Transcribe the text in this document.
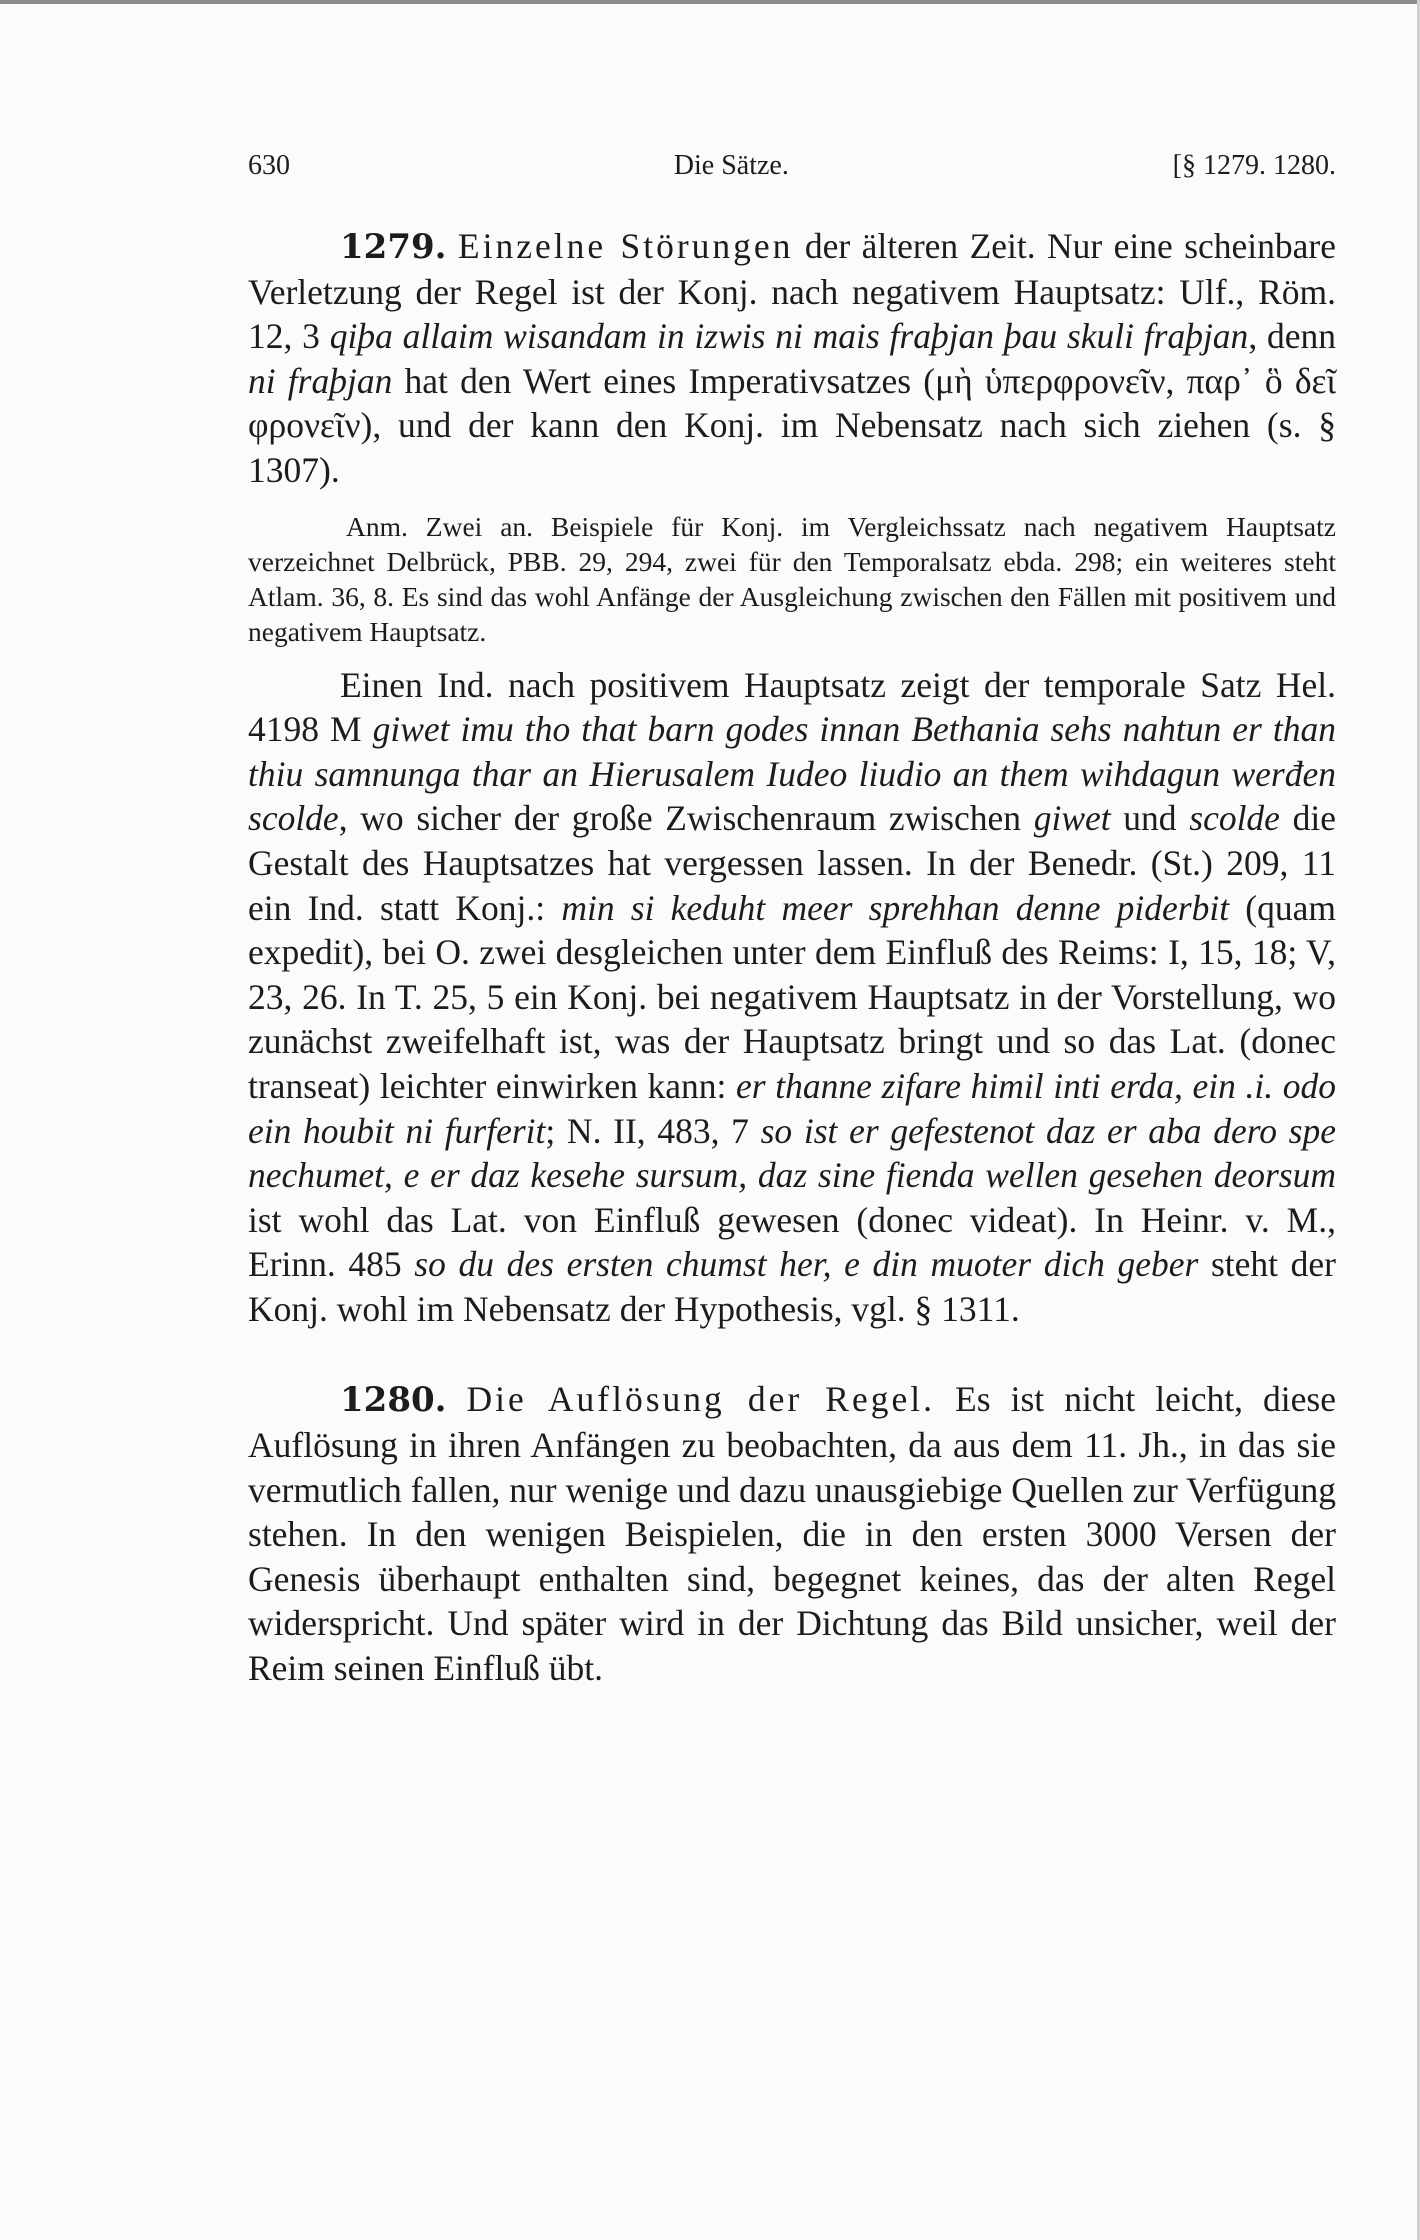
630	Die Sätze.	[§ 1279. 1280.

1279. Einzelne Störungen der älteren Zeit. Nur eine scheinbare Verletzung der Regel ist der Konj. nach negativem Hauptsatz: Ulf., Röm. 12, 3 qiþa allaim wisandam in izwis ni mais fraþjan þau skuli fraþjan, denn ni fraþjan hat den Wert eines Imperativsatzes (μὴ ὑπερφρονεῖν, παρ᾽ ὃ δεῖ φρονεῖν), und der kann den Konj. im Nebensatz nach sich ziehen (s. § 1307).

Anm. Zwei an. Beispiele für Konj. im Vergleichssatz nach negativem Hauptsatz verzeichnet Delbrück, PBB. 29, 294, zwei für den Temporalsatz ebda. 298; ein weiteres steht Atlam. 36, 8. Es sind das wohl Anfänge der Ausgleichung zwischen den Fällen mit positivem und negativem Hauptsatz.

Einen Ind. nach positivem Hauptsatz zeigt der temporale Satz Hel. 4198 M giwet imu tho that barn godes innan Bethania sehs nahtun er than thiu samnunga thar an Hierusalem Iudeo liudio an them wihdagun werđen scolde, wo sicher der große Zwischenraum zwischen giwet und scolde die Gestalt des Hauptsatzes hat vergessen lassen. In der Benedr. (St.) 209, 11 ein Ind. statt Konj.: min si keduht meer sprehhan denne piderbit (quam expedit), bei O. zwei desgleichen unter dem Einfluß des Reims: I, 15, 18; V, 23, 26. In T. 25, 5 ein Konj. bei negativem Hauptsatz in der Vorstellung, wo zunächst zweifelhaft ist, was der Hauptsatz bringt und so das Lat. (donec transeat) leichter einwirken kann: er thanne zifare himil inti erda, ein .i. odo ein houbit ni furferit; N. II, 483, 7 so ist er gefestenot daz er aba dero spe nechumet, e er daz kesehe sursum, daz sine fienda wellen gesehen deorsum ist wohl das Lat. von Einfluß gewesen (donec videat). In Heinr. v. M., Erinn. 485 so du des ersten chumst her, e din muoter dich geber steht der Konj. wohl im Nebensatz der Hypothesis, vgl. § 1311.

1280. Die Auflösung der Regel. Es ist nicht leicht, diese Auflösung in ihren Anfängen zu beobachten, da aus dem 11. Jh., in das sie vermutlich fallen, nur wenige und dazu unausgiebige Quellen zur Verfügung stehen. In den wenigen Beispielen, die in den ersten 3000 Versen der Genesis überhaupt enthalten sind, begegnet keines, das der alten Regel widerspricht. Und später wird in der Dichtung das Bild unsicher, weil der Reim seinen Einfluß übt.
